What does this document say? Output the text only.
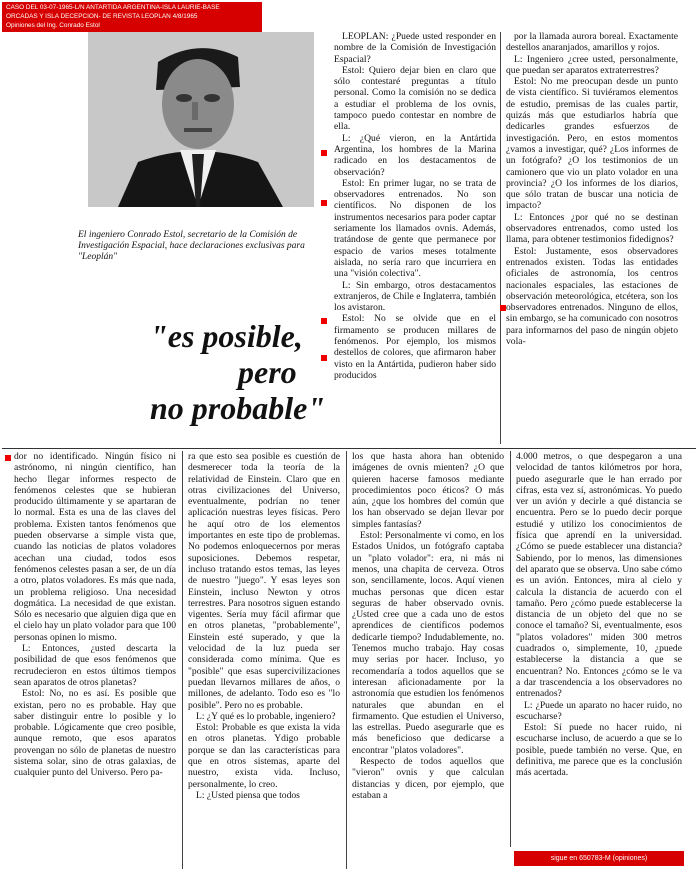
CASO DEL 03-07-1965-L/N ANTARTIDA ARGENTINA-ISLA LAURIE-BASE
ORCADAS Y ISLA DECEPCION- DE REVISTA LEOPLAN 4/8/1965
Opiniones del Ing. Conrado Estol
El ingeniero Conrado Estol, secretario de la Comisión de Investigación Espacial, hace declaraciones exclusivas para "Leoplán"
"es posible,
pero
no probable"

LEOPLAN: ¿Puede usted responder en nombre de la Comisión de Investigación Espacial?

Estol: Quiero dejar bien en claro que sólo contestaré preguntas a título personal. Como la comisión no se dedica a estudiar el problema de los ovnis, tampoco puedo contestar en nombre de ella.

L: ¿Qué vieron, en la Antártida Argentina, los hombres de la Marina radicado en los destacamentos de observación?

Estol: En primer lugar, no se trata de observadores entrenados. No son científicos. No disponen de los instrumentos necesarios para poder captar seriamente los llamados ovnis. Además, tratándose de gente que permanece por espacio de varios meses totalmente aislada, no sería raro que incurriera en una "visión colectiva".

L: Sin embargo, otros destacamentos extranjeros, de Chile e Inglaterra, también los avistaron.

Estol: No se olvide que en el firmamento se producen millares de fenómenos. Por ejemplo, los mismos destellos de colores, que afirmaron haber visto en la Antártida, pudieron haber sido producidos

por la llamada aurora boreal. Exactamente destellos anaranjados, amarillos y rojos.

L: Ingeniero ¿cree usted, personalmente, que puedan ser aparatos extraterrestres?

Estol: No me preocupan desde un punto de vista científico. Si tuviéramos elementos de estudio, premisas de las cuales partir, quizás más que estudiarlos habría que dedicarles grandes esfuerzos de investigación. Pero, en estos momentos ¿vamos a investigar, qué? ¿Los informes de un fotógrafo? ¿O los testimonios de un camionero que vio un plato volador en una provincia? ¿O los informes de los diarios, que sólo tratan de buscar una noticia de impacto?

L: Entonces ¿por qué no se destinan observadores entrenados, como usted los llama, para obtener testimonios fidedignos?

Estol: Justamente, esos observadores entrenados existen. Todas las entidades oficiales de astronomía, los centros nacionales espaciales, las estaciones de observación meteorológica, etcétera, son los observadores entrenados. Ninguno de ellos, sin embargo, se ha comunicado con nosotros para informarnos del paso de ningún objeto vola-

dor no identificado. Ningún físico ni astrónomo, ni ningún científico, han hecho llegar informes respecto de fenómenos celestes que se hubieran producido últimamente y se apartaran de lo normal. Esta es una de las claves del problema. Existen tantos fenómenos que pueden observarse a simple vista que, cuando las noticias de platos voladores acechan una ciudad, todos esos fenómenos celestes pasan a ser, de un día a otro, platos voladores. Es más que nada, un problema religioso. Una necesidad dogmática. La necesidad de que existan. Sólo es necesario que alguien diga que en el cielo hay un plato volador para que 100 personas opinen lo mismo.

L: Entonces, ¿usted descarta la posibilidad de que esos fenómenos que recrudecieron en estos últimos tiempos sean aparatos de otros planetas?

Estol: No, no es así. Es posible que existan, pero no es probable. Hay que saber distinguir entre lo posible y lo probable. Lógicamente que creo posible, aunque remoto, que esos aparatos provengan no sólo de planetas de nuestro sistema solar, sino de otras galaxias, de cualquier punto del Universo. Pero pa-

ra que esto sea posible es cuestión de desmerecer toda la teoría de la relatividad de Einstein. Claro que en otras civilizaciones del Universo, eventualmente, podrían no tener aplicación nuestras leyes físicas. Pero he aquí otro de los elementos importantes en este tipo de problemas. No podemos enloquecernos por meras suposiciones. Debemos respetar, incluso tratando estos temas, las leyes de nuestro "juego". Y esas leyes son Einstein, incluso Newton y otros terrestres. Para nosotros siguen estando vigentes. Sería muy fácil afirmar que en otros planetas, "probablemente", Einstein esté superado, y que la velocidad de la luz pueda ser considerada como mínima. Que es "posible" que esas supercivilizaciones puedan llevarnos millares de años, o millones, de adelanto. Todo eso es "lo posible". Pero no es probable.

L: ¿Y qué es lo probable, ingeniero?

Estol: Probable es que exista la vida en otros planetas. Ydigo probable porque se dan las características para que en otros sistemas, aparte del nuestro, exista vida. Incluso, personalmente, lo creo.

L: ¿Usted piensa que todos

los que hasta ahora han obtenido imágenes de ovnis mienten? ¿O que quieren hacerse famosos mediante procedimientos poco éticos? O más aún, ¿que los hombres del común que los han observado se dejan llevar por simples fantasías?

Estol: Personalmente vi como, en los Estados Unidos, un fotógrafo captaba un "plato volador": era, ni más ni menos, una chapita de cerveza. Otros son, sencillamente, locos. Aquí vienen muchas personas que dicen estar seguras de haber observado ovnis. ¿Usted cree que a cada uno de estos aprendices de científicos podemos dedicarle tiempo? Indudablemente, no. Tenemos mucho trabajo. Hay cosas muy serias por hacer. Incluso, yo recomendaría a todos aquellos que se interesan aficionadamente por la astronomía que estudien los fenómenos naturales que abundan en el firmamento. Que estudien el Universo, las estrellas. Puedo asegurarle que es más beneficioso que dedicarse a encontrar "platos voladores".

Respecto de todos aquellos que "vieron" ovnis y que calculan distancias y dicen, por ejemplo, que estaban a

4.000 metros, o que despegaron a una velocidad de tantos kilómetros por hora, puedo asegurarle que le han errado por cifras, esta vez sí, astronómicas. Yo puedo ver un avión y decirle a qué distancia se encuentra. Pero se lo puedo decir porque estudié y utilizo los conocimientos de física que aprendí en la universidad. ¿Cómo se puede establecer una distancia? Sabiendo, por lo menos, las dimensiones del aparato que se observa. Uno sabe cómo es un avión. Entonces, mira al cielo y calcula la distancia de acuerdo con el tamaño. Pero ¿cómo puede establecerse la distancia de un objeto del que no se conoce el tamaño? Si, eventualmente, esos "platos voladores" miden 300 metros cuadrados o, simplemente, 10, ¿puede establecerse la distancia a que se encuentran? No. Entonces ¿cómo se le va a dar trascendencia a los observadores no entrenados?

L: ¿Puede un aparato no hacer ruido, no escucharse?

Estol: Sí puede no hacer ruido, ni escucharse incluso, de acuerdo a que se lo posible, puede también no verse. Que, en definitiva, me parece que es la conclusión más acertada.

sigue en 650783-M (opiniones)
